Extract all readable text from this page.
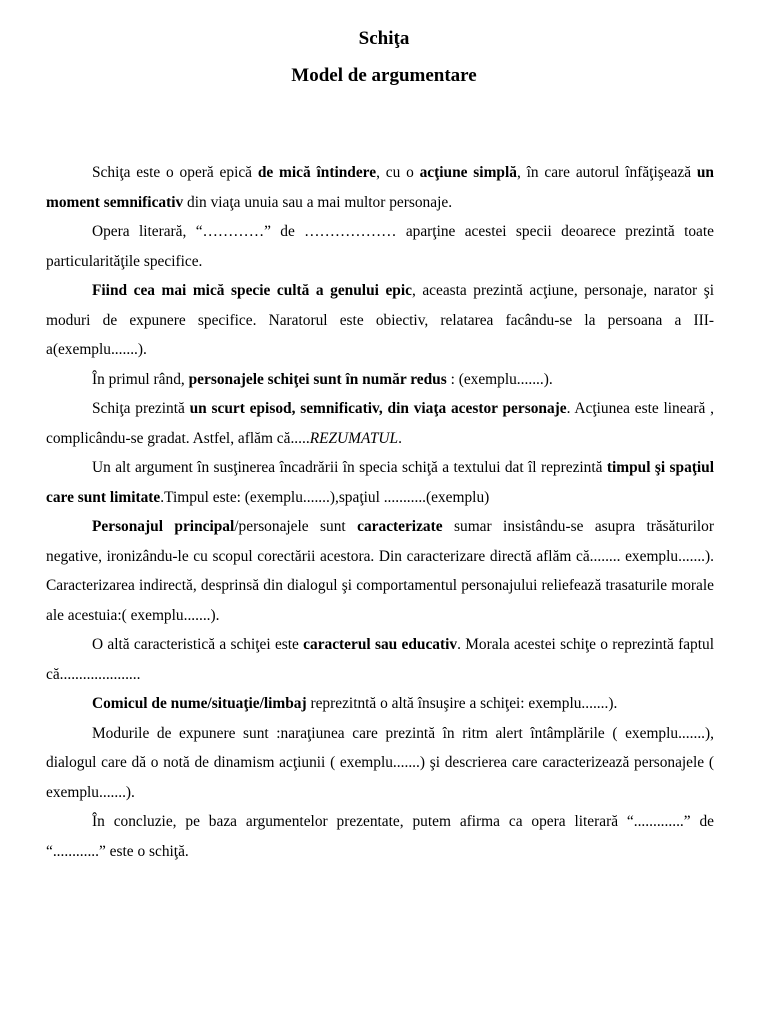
Schiţa
Model de argumentare

Schiţa este o operă epică de mică întindere, cu o acţiune simplă, în care autorul înfăţişează un moment semnificativ din viaţa unuia sau a mai multor personaje.

Opera literară, “…………” de ……………… aparţine acestei specii deoarece prezintă toate particularităţile specifice.

Fiind cea mai mică specie cultă a genului epic, aceasta prezintă acţiune, personaje, narator şi moduri de expunere specifice. Naratorul este obiectiv, relatarea facându-se la persoana a III-a(exemplu.......).

În primul rând, personajele schiţei sunt în număr redus : (exemplu.......).

Schiţa prezintă un scurt episod, semnificativ, din viaţa acestor personaje. Acţiunea este lineară , complicându-se gradat. Astfel, aflăm că.....REZUMATUL.

Un alt argument în susţinerea încadrării în specia schiţă a textului dat îl reprezintă timpul şi spaţiul care sunt limitate.Timpul este: (exemplu.......),spaţiul ...........(exemplu)

Personajul principal/personajele sunt caracterizate sumar insistându-se asupra trăsăturilor negative, ironizându-le cu scopul corectării acestora. Din caracterizare directă aflăm că........ exemplu.......). Caracterizarea indirectă, desprinsă din dialogul şi comportamentul personajului reliefează trasaturile morale ale acestuia:( exemplu.......).

O altă caracteristică a schiţei este caracterul sau educativ. Morala acestei schiţe o reprezintă faptul că.....................

Comicul de nume/situaţie/limbaj reprezitntă o altă însuşire a schiţei: exemplu.......).

Modurile de expunere sunt :naraţiunea care prezintă în ritm alert întâmplările ( exemplu.......), dialogul care dă o notă de dinamism acţiunii ( exemplu.......) şi descrierea care caracterizează personajele ( exemplu.......).

În concluzie, pe baza argumentelor prezentate, putem afirma ca opera literară “.............” de “............” este o schiţă.
